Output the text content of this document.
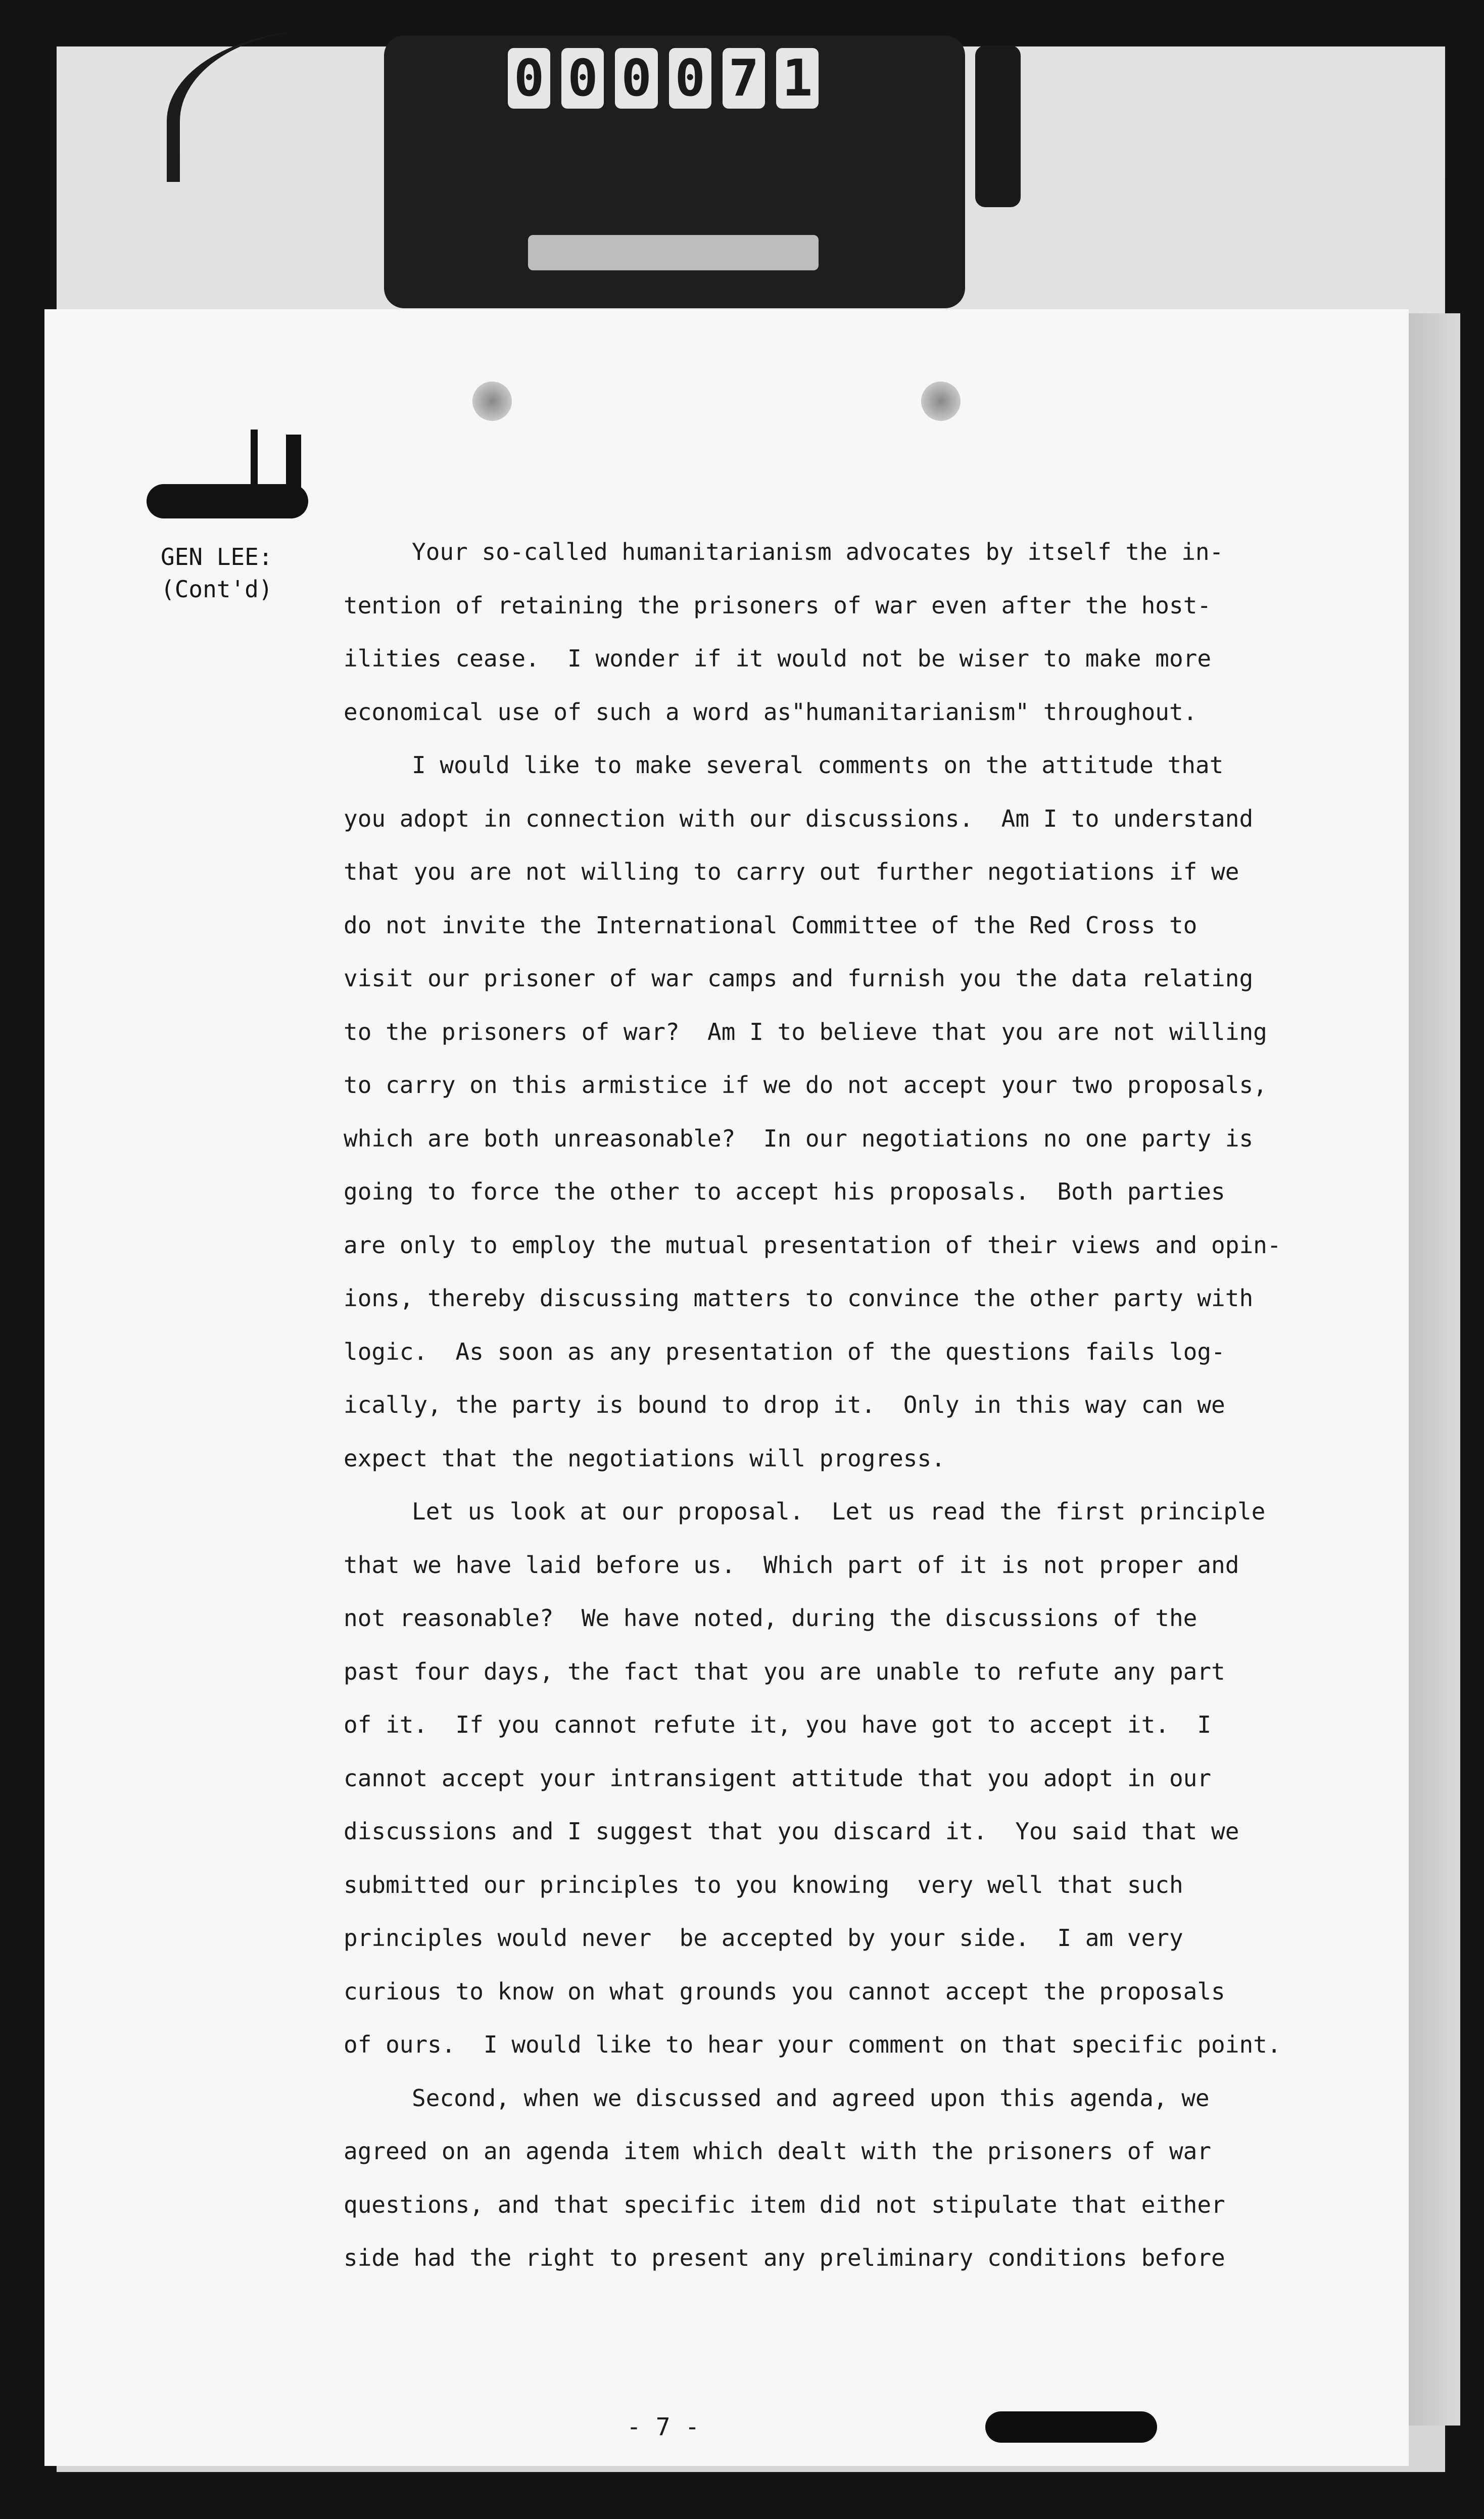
0 0 0 0 7 1
GEN LEE:
(Cont'd)
Your so-called humanitarianism advocates by itself the in-
tention of retaining the prisoners of war even after the host-
ilities cease.  I wonder if it would not be wiser to make more
economical use of such a word as"humanitarianism" throughout.
I would like to make several comments on the attitude that
you adopt in connection with our discussions.  Am I to understand
that you are not willing to carry out further negotiations if we
do not invite the International Committee of the Red Cross to
visit our prisoner of war camps and furnish you the data relating
to the prisoners of war?  Am I to believe that you are not willing
to carry on this armistice if we do not accept your two proposals,
which are both unreasonable?  In our negotiations no one party is
going to force the other to accept his proposals.  Both parties
are only to employ the mutual presentation of their views and opin-
ions, thereby discussing matters to convince the other party with
logic.  As soon as any presentation of the questions fails log-
ically, the party is bound to drop it.  Only in this way can we
expect that the negotiations will progress.
Let us look at our proposal.  Let us read the first principle
that we have laid before us.  Which part of it is not proper and
not reasonable?  We have noted, during the discussions of the
past four days, the fact that you are unable to refute any part
of it.  If you cannot refute it, you have got to accept it.  I
cannot accept your intransigent attitude that you adopt in our
discussions and I suggest that you discard it.  You said that we
submitted our principles to you knowing  very well that such
principles would never  be accepted by your side.  I am very
curious to know on what grounds you cannot accept the proposals
of ours.  I would like to hear your comment on that specific point.
Second, when we discussed and agreed upon this agenda, we
agreed on an agenda item which dealt with the prisoners of war
questions, and that specific item did not stipulate that either
side had the right to present any preliminary conditions before
- 7 -
